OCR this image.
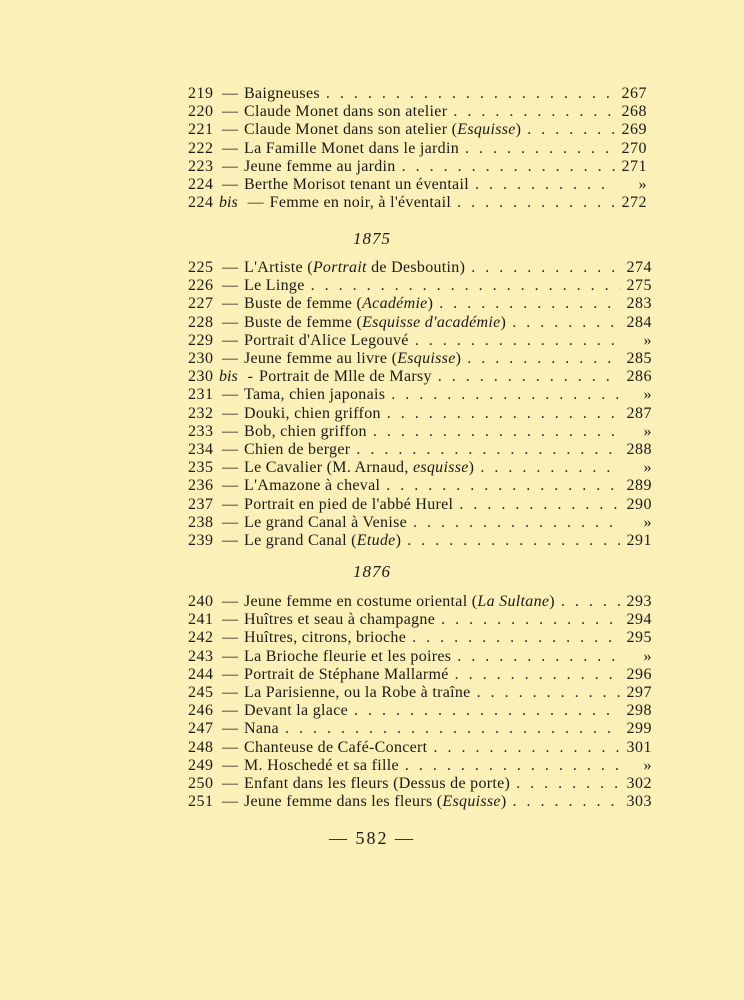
219 — Baigneuses . . .	267
220 — Claude Monet dans son atelier . . .	268
221 — Claude Monet dans son atelier (Esquisse) . . .	269
222 — La Famille Monet dans le jardin . . .	270
223 — Jeune femme au jardin . . .	271
224 — Berthe Morisot tenant un éventail . . .	»
224 bis — Femme en noir, à l'éventail . . .	272
1875
225 — L'Artiste (Portrait de Desboutin) . . .	274
226 — Le Linge . . .	275
227 — Buste de femme (Académie) . . .	283
228 — Buste de femme (Esquisse d'académie) . . .	284
229 — Portrait d'Alice Legouvé . . .	»
230 — Jeune femme au livre (Esquisse) . . .	285
230 bis - Portrait de Mlle de Marsy . . .	286
231 — Tama, chien japonais . . .	»
232 — Douki, chien griffon . . .	287
233 — Bob, chien griffon . . .	»
234 — Chien de berger . . .	288
235 — Le Cavalier (M. Arnaud, esquisse) . . .	»
236 — L'Amazone à cheval . . .	289
237 — Portrait en pied de l'abbé Hurel . . .	290
238 — Le grand Canal à Venise . . .	»
239 — Le grand Canal (Etude) . . .	291
1876
240 — Jeune femme en costume oriental (La Sultane) . . .	293
241 — Huîtres et seau à champagne . . .	294
242 — Huîtres, citrons, brioche . . .	295
243 — La Brioche fleurie et les poires . . .	»
244 — Portrait de Stéphane Mallarmé . . .	296
245 — La Parisienne, ou la Robe à traîne . . .	297
246 — Devant la glace . . .	298
247 — Nana . . .	299
248 — Chanteuse de Café-Concert . . .	301
249 — M. Hoschedé et sa fille . . .	»
250 — Enfant dans les fleurs (Dessus de porte) . . .	302
251 — Jeune femme dans les fleurs (Esquisse) . . .	303
— 582 —
